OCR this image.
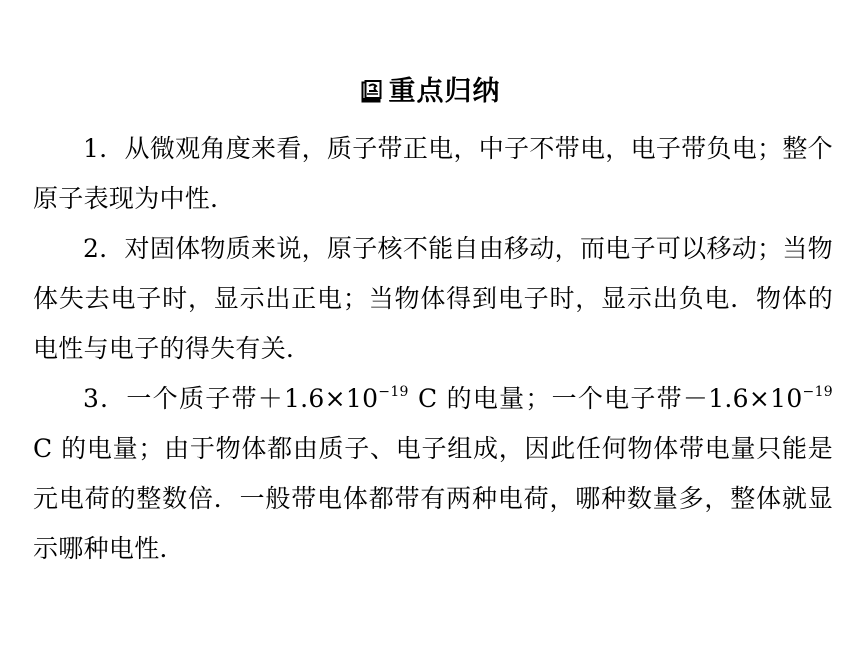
重点归纳

1．从微观角度来看，质子带正电，中子不带电，电子带负电；整个原子表现为中性．

2．对固体物质来说，原子核不能自由移动，而电子可以移动；当物体失去电子时，显示出正电；当物体得到电子时，显示出负电．物体的电性与电子的得失有关．

3．一个质子带$+1.6\times 10^{-19}$ C 的电量；一个电子带$-1.6\times 10^{-19}$ C 的电量；由于物体都由质子、电子组成，因此任何物体带电量只能是元电荷的整数倍．一般带电体都带有两种电荷，哪种数量多，整体就显示哪种电性．
